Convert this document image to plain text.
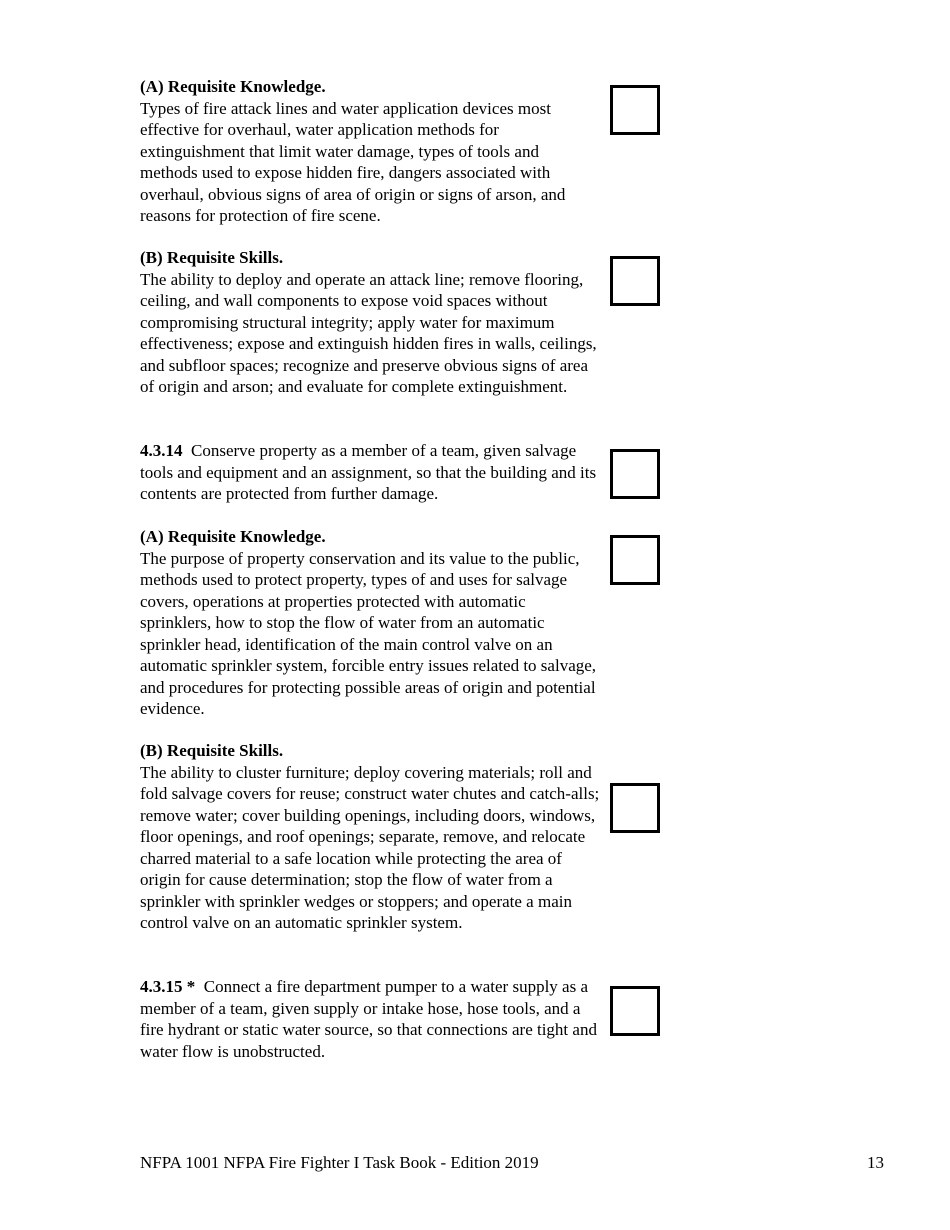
(A) Requisite Knowledge.
Types of fire attack lines and water application devices most effective for overhaul, water application methods for extinguishment that limit water damage, types of tools and methods used to expose hidden fire, dangers associated with overhaul, obvious signs of area of origin or signs of arson, and reasons for protection of fire scene.
(B) Requisite Skills.
The ability to deploy and operate an attack line; remove flooring, ceiling, and wall components to expose void spaces without compromising structural integrity; apply water for maximum effectiveness; expose and extinguish hidden fires in walls, ceilings, and subfloor spaces; recognize and preserve obvious signs of area of origin and arson; and evaluate for complete extinguishment.
4.3.14 Conserve property as a member of a team, given salvage tools and equipment and an assignment, so that the building and its contents are protected from further damage.
(A) Requisite Knowledge.
The purpose of property conservation and its value to the public, methods used to protect property, types of and uses for salvage covers, operations at properties protected with automatic sprinklers, how to stop the flow of water from an automatic sprinkler head, identification of the main control valve on an automatic sprinkler system, forcible entry issues related to salvage, and procedures for protecting possible areas of origin and potential evidence.
(B) Requisite Skills.
The ability to cluster furniture; deploy covering materials; roll and fold salvage covers for reuse; construct water chutes and catch-alls; remove water; cover building openings, including doors, windows, floor openings, and roof openings; separate, remove, and relocate charred material to a safe location while protecting the area of origin for cause determination; stop the flow of water from a sprinkler with sprinkler wedges or stoppers; and operate a main control valve on an automatic sprinkler system.
4.3.15 * Connect a fire department pumper to a water supply as a member of a team, given supply or intake hose, hose tools, and a fire hydrant or static water source, so that connections are tight and water flow is unobstructed.
NFPA 1001 NFPA Fire Fighter I Task Book - Edition 2019	13
